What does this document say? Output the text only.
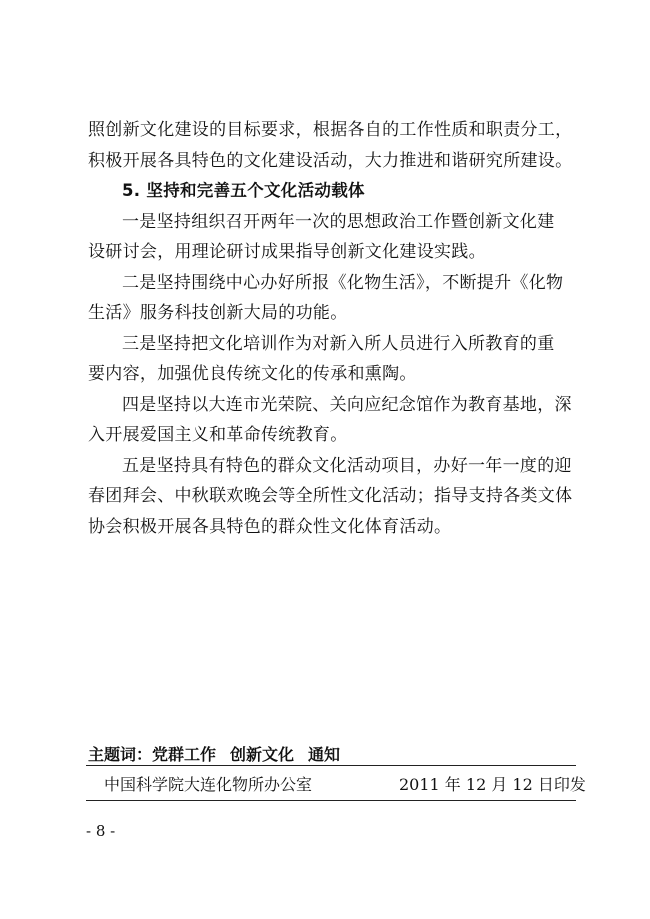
照创新文化建设的目标要求，根据各自的工作性质和职责分工，
积极开展各具特色的文化建设活动，大力推进和谐研究所建设。
5. 坚持和完善五个文化活动载体
一是坚持组织召开两年一次的思想政治工作暨创新文化建
设研讨会，用理论研讨成果指导创新文化建设实践。
二是坚持围绕中心办好所报《化物生活》，不断提升《化物
生活》服务科技创新大局的功能。
三是坚持把文化培训作为对新入所人员进行入所教育的重
要内容，加强优良传统文化的传承和熏陶。
四是坚持以大连市光荣院、关向应纪念馆作为教育基地，深
入开展爱国主义和革命传统教育。
五是坚持具有特色的群众文化活动项目，办好一年一度的迎
春团拜会、中秋联欢晚会等全所性文化活动；指导支持各类文体
协会积极开展各具特色的群众性文化体育活动。
主题词：党群工作 创新文化 通知
中国科学院大连化物所办公室	2011 年 12 月 12 日印发
- 8 -
